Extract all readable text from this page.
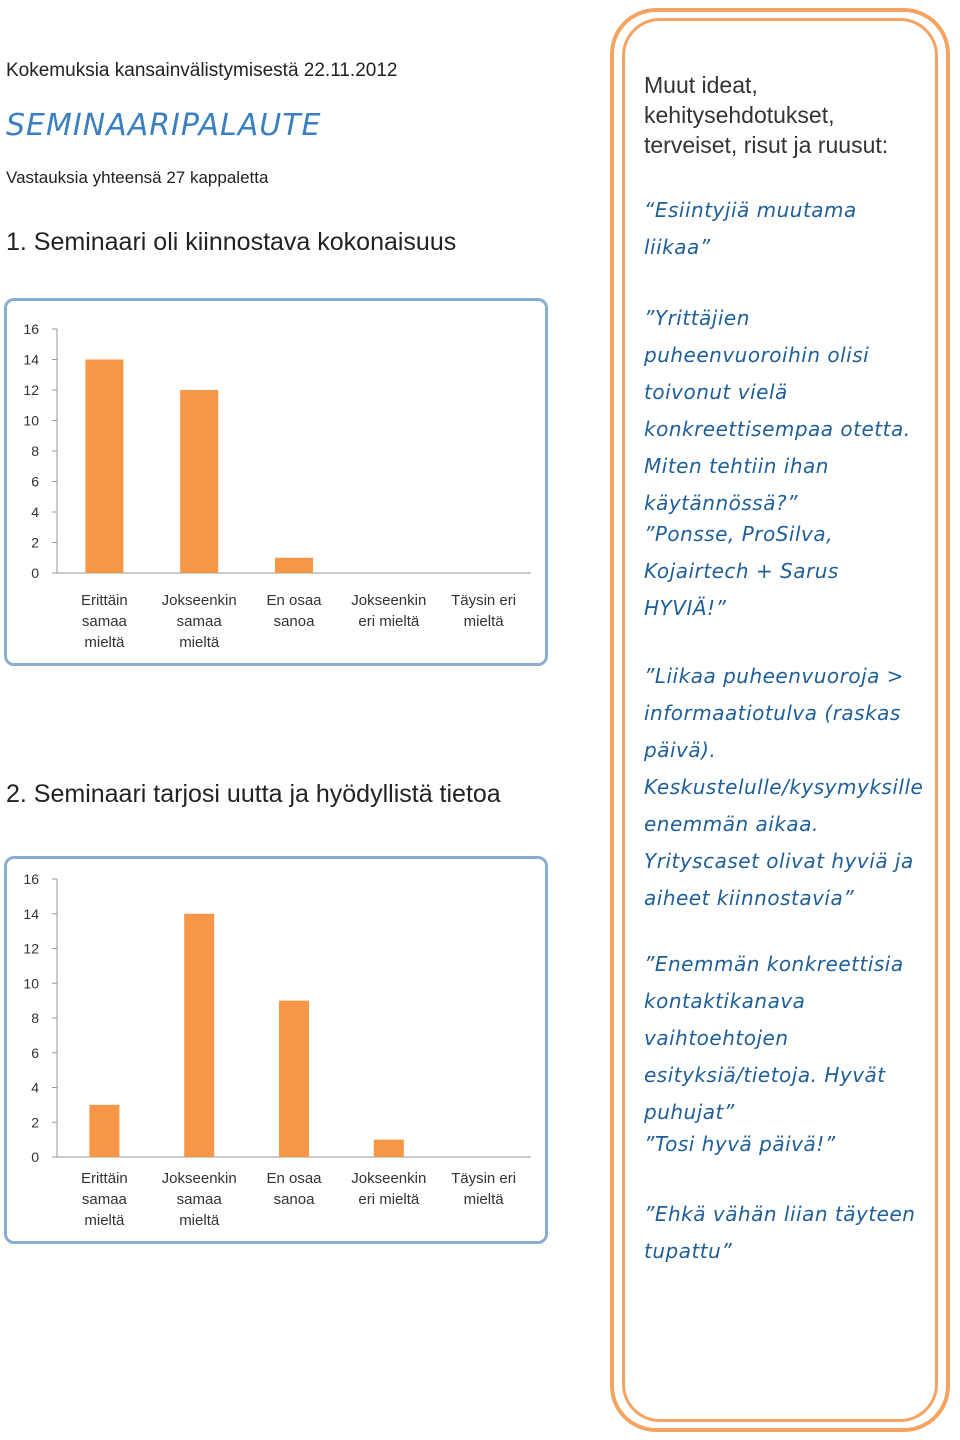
Kokemuksia kansainvälistymisestä 22.11.2012
SEMINAARIPALAUTE
Vastauksia yhteensä 27 kappaletta
1. Seminaari oli kiinnostava kokonaisuus
0
2
4
6
8
10
12
14
16
Erittäin
samaa
mieltä
Jokseenkin
samaa
mieltä
En osaa
sanoa
Jokseenkin
eri mieltä
Täysin eri
mieltä
2. Seminaari tarjosi uutta ja hyödyllistä tietoa
0
2
4
6
8
10
12
14
16
Erittäin
samaa
mieltä
Jokseenkin
samaa
mieltä
En osaa
sanoa
Jokseenkin
eri mieltä
Täysin eri
mieltä
Muut ideat, kehitysehdotukset, terveiset, risut ja ruusut:
“Esiintyjiä muutama liikaa”
”Yrittäjien puheenvuoroihin olisi toivonut vielä konkreettisempaa otetta. Miten tehtiin ihan käytännössä?”
”Ponsse, ProSilva, Kojairtech + Sarus HYVIÄ!”
”Liikaa puheenvuoroja > informaatiotulva (raskas päivä). Keskustelulle/kysymyksille enemmän aikaa. Yrityscaset olivat hyviä ja aiheet kiinnostavia”
”Enemmän konkreettisia kontaktikanava vaihtoehtojen esityksiä/tietoja. Hyvät puhujat”
”Tosi hyvä päivä!”
”Ehkä vähän liian täyteen tupattu”
